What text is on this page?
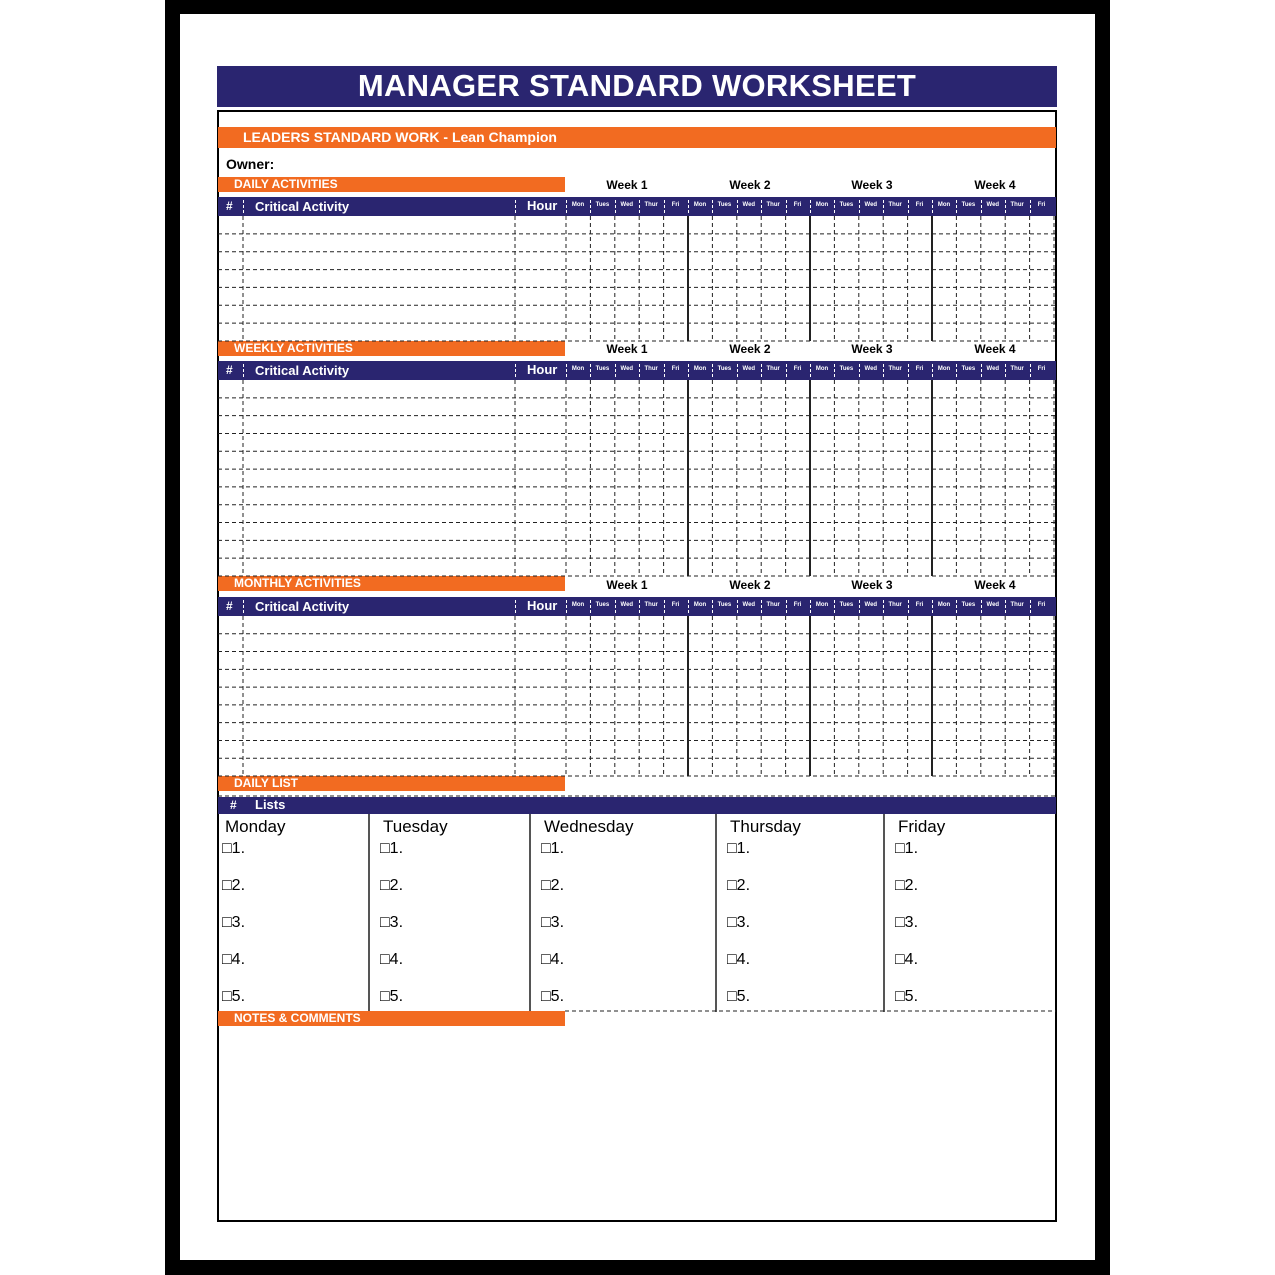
MANAGER STANDARD WORKSHEET
LEADERS STANDARD WORK - Lean Champion
Owner:
DAILY ACTIVITIES	Week 1	Week 2	Week 3	Week 4
# Critical Activity	Hour	Mon	Tues	Wed	Thur	Fri	Mon	Tues	Wed	Thur	Fri	Mon	Tues	Wed	Thur	Fri	Mon	Tues	Wed	Thur	Fri
WEEKLY ACTIVITIES	Week 1	Week 2	Week 3	Week 4
# Critical Activity	Hour	Mon	Tues	Wed	Thur	Fri	Mon	Tues	Wed	Thur	Fri	Mon	Tues	Wed	Thur	Fri	Mon	Tues	Wed	Thur	Fri
MONTHLY ACTIVITIES	Week 1	Week 2	Week 3	Week 4
# Critical Activity	Hour	Mon	Tues	Wed	Thur	Fri	Mon	Tues	Wed	Thur	Fri	Mon	Tues	Wed	Thur	Fri	Mon	Tues	Wed	Thur	Fri
DAILY LIST
# Lists
Monday
□1.
□2.
□3.
□4.
□5.
Tuesday
□1.
□2.
□3.
□4.
□5.
Wednesday
□1.
□2.
□3.
□4.
□5.
Thursday
□1.
□2.
□3.
□4.
□5.
Friday
□1.
□2.
□3.
□4.
□5.
NOTES & COMMENTS
